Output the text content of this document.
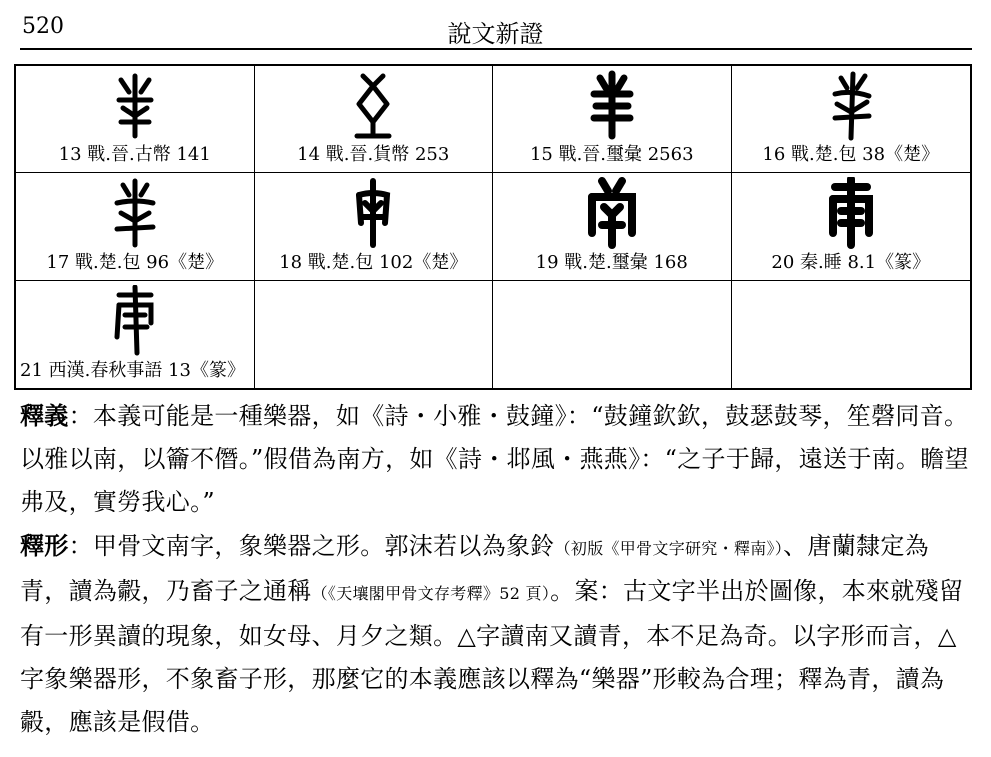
520	說文新證
13 戰.晉.古幣 141	14 戰.晉.貨幣 253	15 戰.晉.璽彙 2563	16 戰.楚.包 38《楚》
17 戰.楚.包 96《楚》	18 戰.楚.包 102《楚》	19 戰.楚.璽彙 168	20 秦.睡 8.1《篆》
21 西漢.春秋事語 13《篆》

釋義：本義可能是一種樂器，如《詩・小雅・鼓鐘》：“鼓鐘欽欽，鼓瑟鼓琴，笙磬同音。以雅以南，以籥不僭。”假借為南方，如《詩・邶風・燕燕》：“之子于歸，遠送于南。瞻望弗及，實勞我心。”

釋形：甲骨文南字，象樂器之形。郭沫若以為象鈴（初版《甲骨文字研究・釋南》）、唐蘭隸定為青，讀為㲉，乃畜子之通稱（《天壤閣甲骨文存考釋》52 頁）。案：古文字半出於圖像，本來就殘留有一形異讀的現象，如女母、月夕之類。△字讀南又讀青，本不足為奇。以字形而言，△字象樂器形，不象畜子形，那麼它的本義應該以釋為“樂器”形較為合理；釋為青，讀為㲉，應該是假借。
